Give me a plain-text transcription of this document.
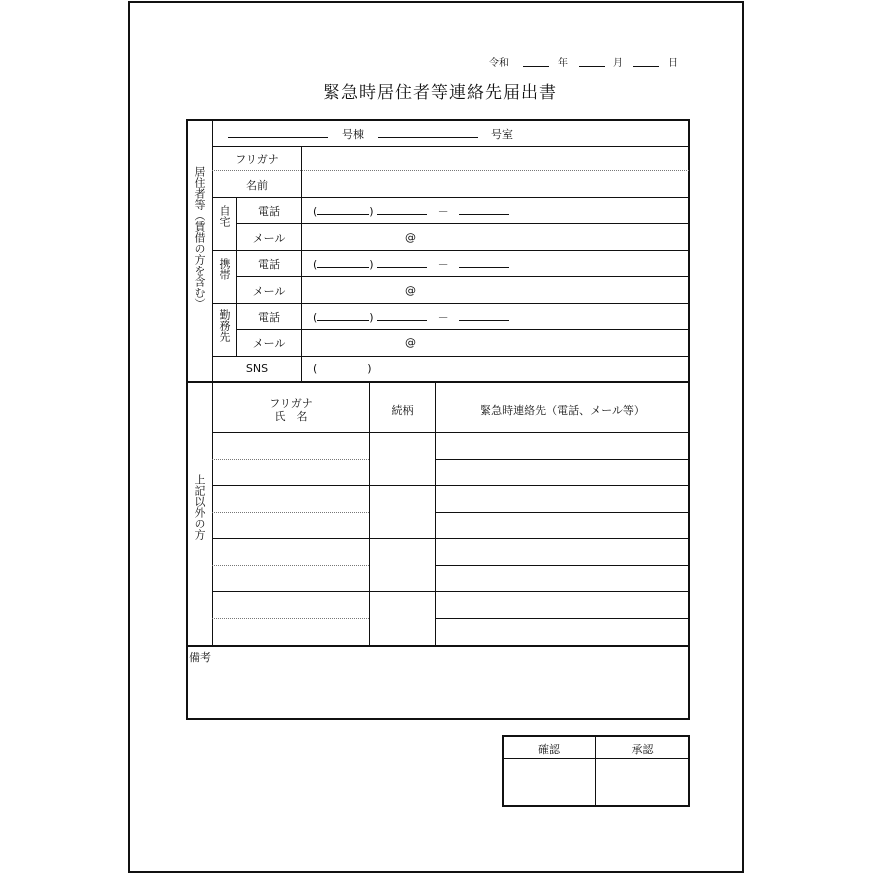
令和	年	月	日
緊急時居住者等連絡先届出書
居住者等（賃借の方を含む）
号棟	号室
フリガナ
名前
自宅	電話	(	)	－
メール	@
携帯	電話	(	)	－
メール	@
勤務先	電話	(	)	－
メール	@
SNS	(	)
上記以外の方
フリガナ
氏　名	続柄	緊急時連絡先（電話、メール等）
備考
確認	承認
